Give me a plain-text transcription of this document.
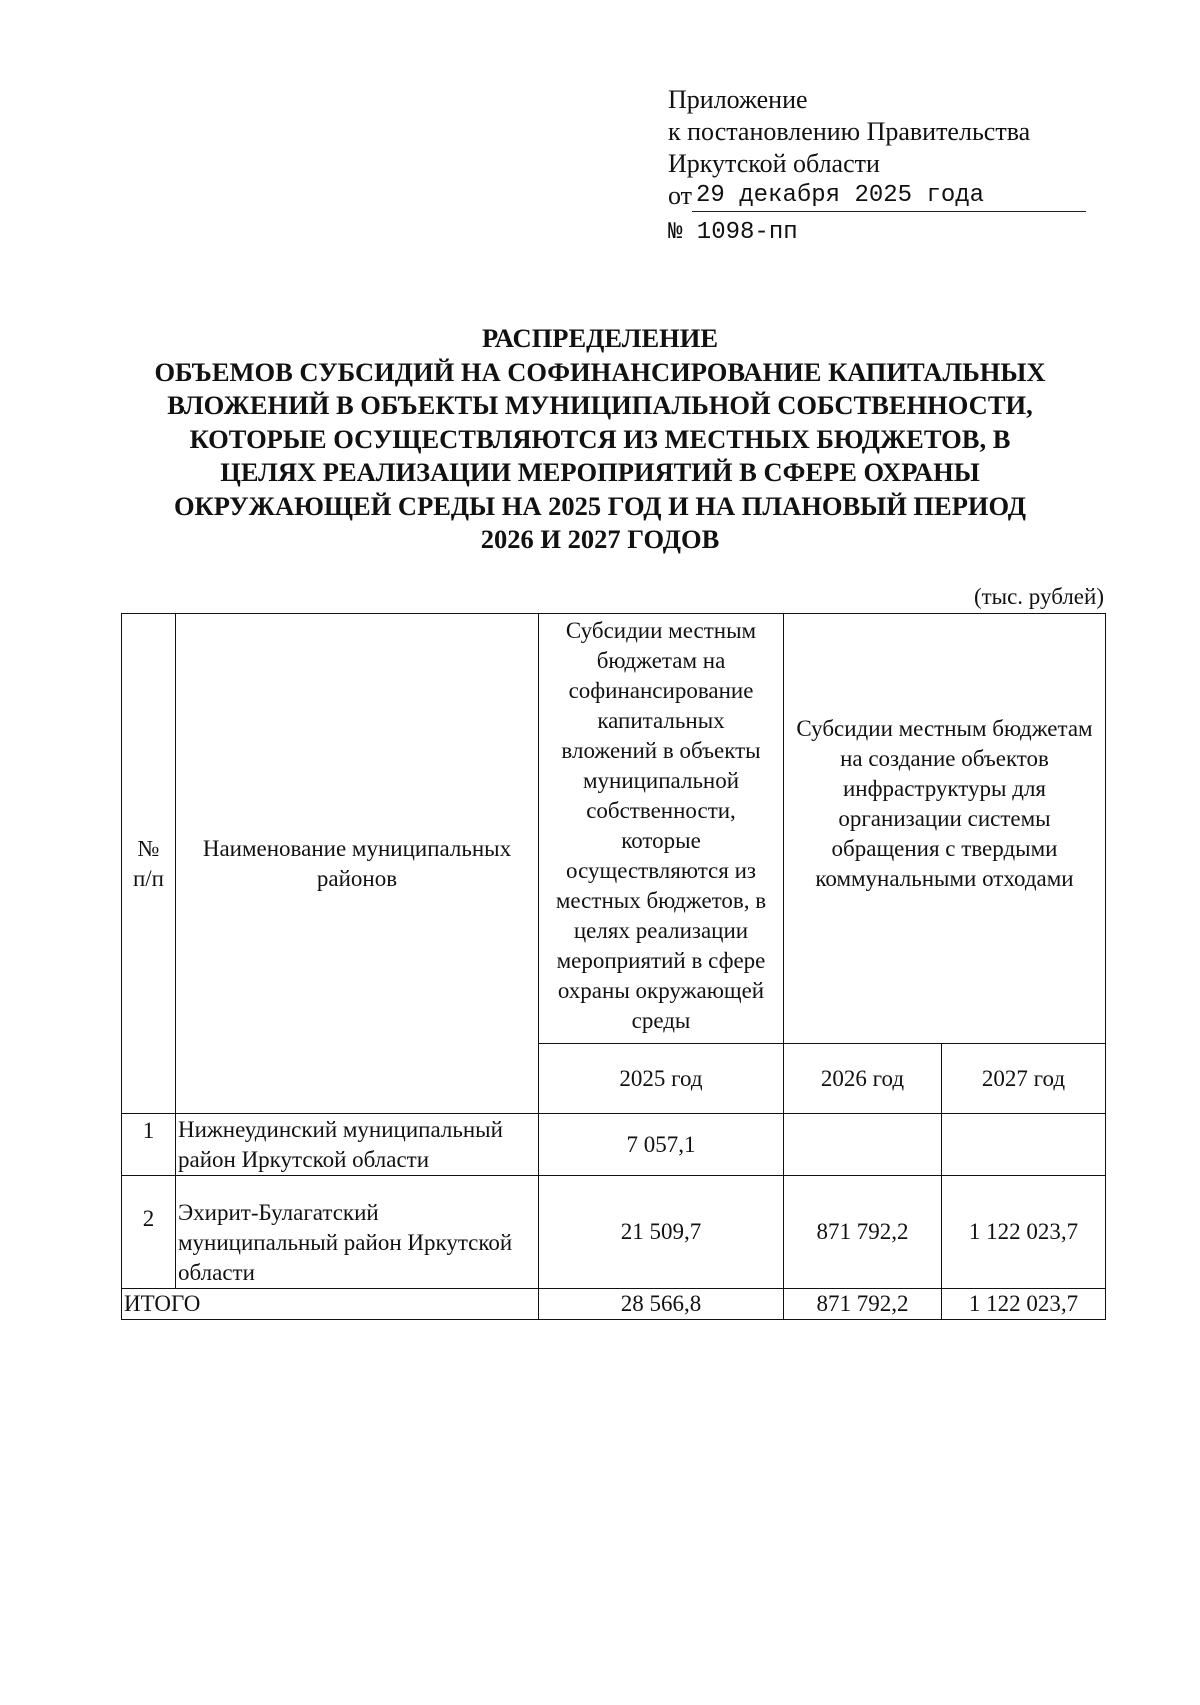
Приложение
к постановлению Правительства
Иркутской области
от 29 декабря 2025 года
№ 1098-пп
РАСПРЕДЕЛЕНИЕ
ОБЪЕМОВ СУБСИДИЙ НА СОФИНАНСИРОВАНИЕ КАПИТАЛЬНЫХ
ВЛОЖЕНИЙ В ОБЪЕКТЫ МУНИЦИПАЛЬНОЙ СОБСТВЕННОСТИ,
КОТОРЫЕ ОСУЩЕСТВЛЯЮТСЯ ИЗ МЕСТНЫХ БЮДЖЕТОВ, В
ЦЕЛЯХ РЕАЛИЗАЦИИ МЕРОПРИЯТИЙ В СФЕРЕ ОХРАНЫ
ОКРУЖАЮЩЕЙ СРЕДЫ НА 2025 ГОД И НА ПЛАНОВЫЙ ПЕРИОД
2026 И 2027 ГОДОВ
(тыс. рублей)
№ п/п	Наименование муниципальных районов	Субсидии местным бюджетам на софинансирование капитальных вложений в объекты муниципальной собственности, которые осуществляются из местных бюджетов, в целях реализации мероприятий в сфере охраны окружающей среды	Субсидии местным бюджетам на создание объектов инфраструктуры для организации системы обращения с твердыми коммунальными отходами	
		2025 год	2026 год	2027 год
1	Нижнеудинский муниципальный район Иркутской области	7 057,1		
2	Эхирит-Булагатский муниципальный район Иркутской области	21 509,7	871 792,2	1 122 023,7
ИТОГО		28 566,8	871 792,2	1 122 023,7
